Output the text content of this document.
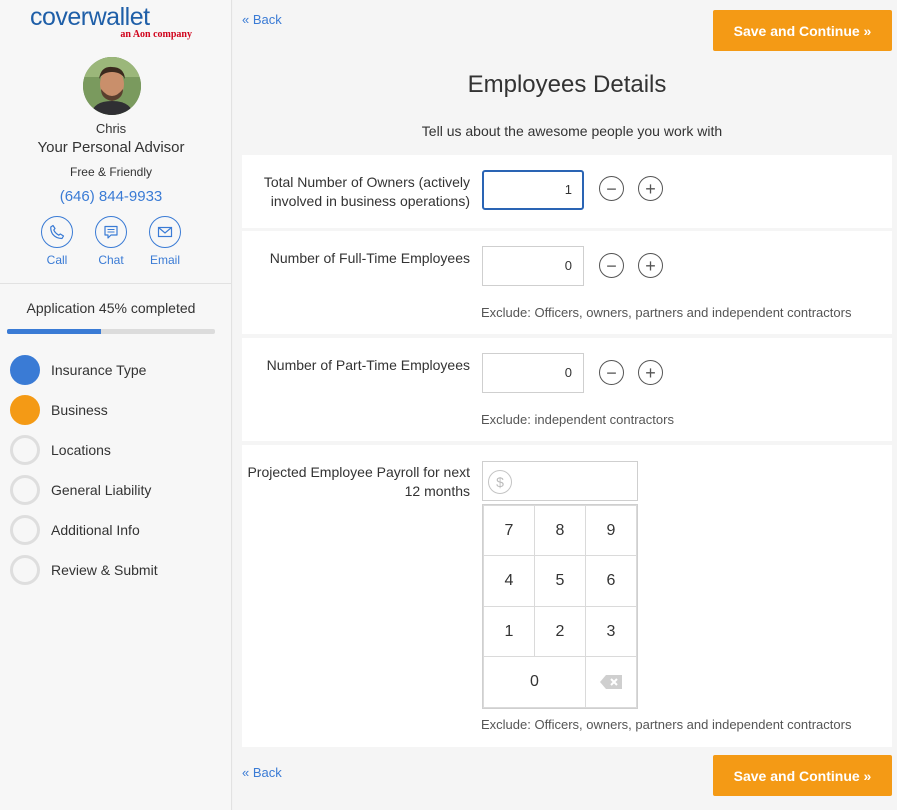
coverwallet
an Aon company
Chris
Your Personal Advisor
Free & Friendly
(646) 844-9933
Call	Chat	Email
Application 45% completed
Insurance Type
Business
Locations
General Liability
Additional Info
Review & Submit
« Back
Save and Continue »
Employees Details
Tell us about the awesome people you work with
Total Number of Owners (actively involved in business operations)
1	− +
Number of Full-Time Employees	0	− +
Exclude: Officers, owners, partners and independent contractors
Number of Part-Time Employees	0	− +
Exclude: independent contractors
Projected Employee Payroll for next 12 months
$
7	8	9
4	5	6
1	2	3
0
Exclude: Officers, owners, partners and independent contractors
« Back	Save and Continue »
